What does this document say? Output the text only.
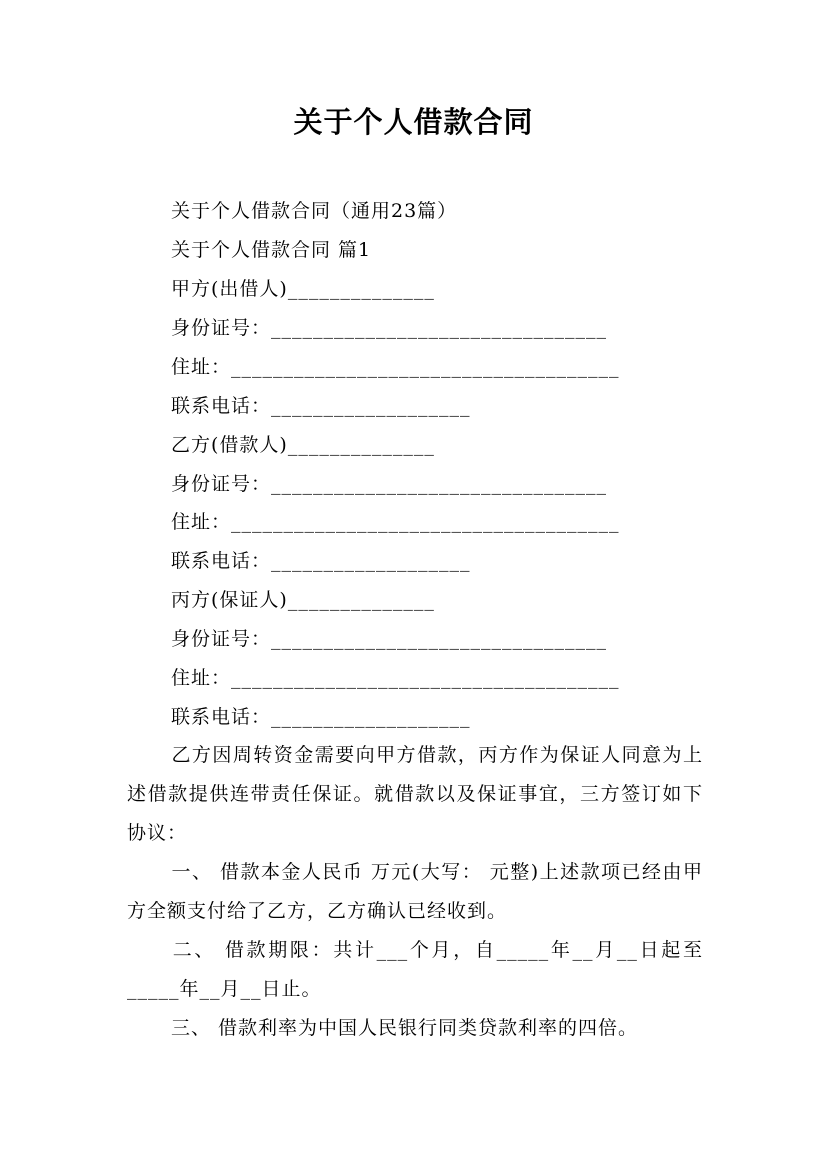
关于个人借款合同
关于个人借款合同（通用23篇）
关于个人借款合同 篇1
甲方(出借人)______________
身份证号：________________________________
住址：_____________________________________
联系电话：___________________
乙方(借款人)______________
身份证号：________________________________
住址：_____________________________________
联系电话：___________________
丙方(保证人)______________
身份证号：________________________________
住址：_____________________________________
联系电话：___________________
乙方因周转资金需要向甲方借款，丙方作为保证人同意为上述借款提供连带责任保证。就借款以及保证事宜，三方签订如下协议：
一、 借款本金人民币 万元(大写： 元整)上述款项已经由甲方全额支付给了乙方，乙方确认已经收到。
二、 借款期限：共计___个月，自_____年__月__日起至_____年__月__日止。
三、 借款利率为中国人民银行同类贷款利率的四倍。
